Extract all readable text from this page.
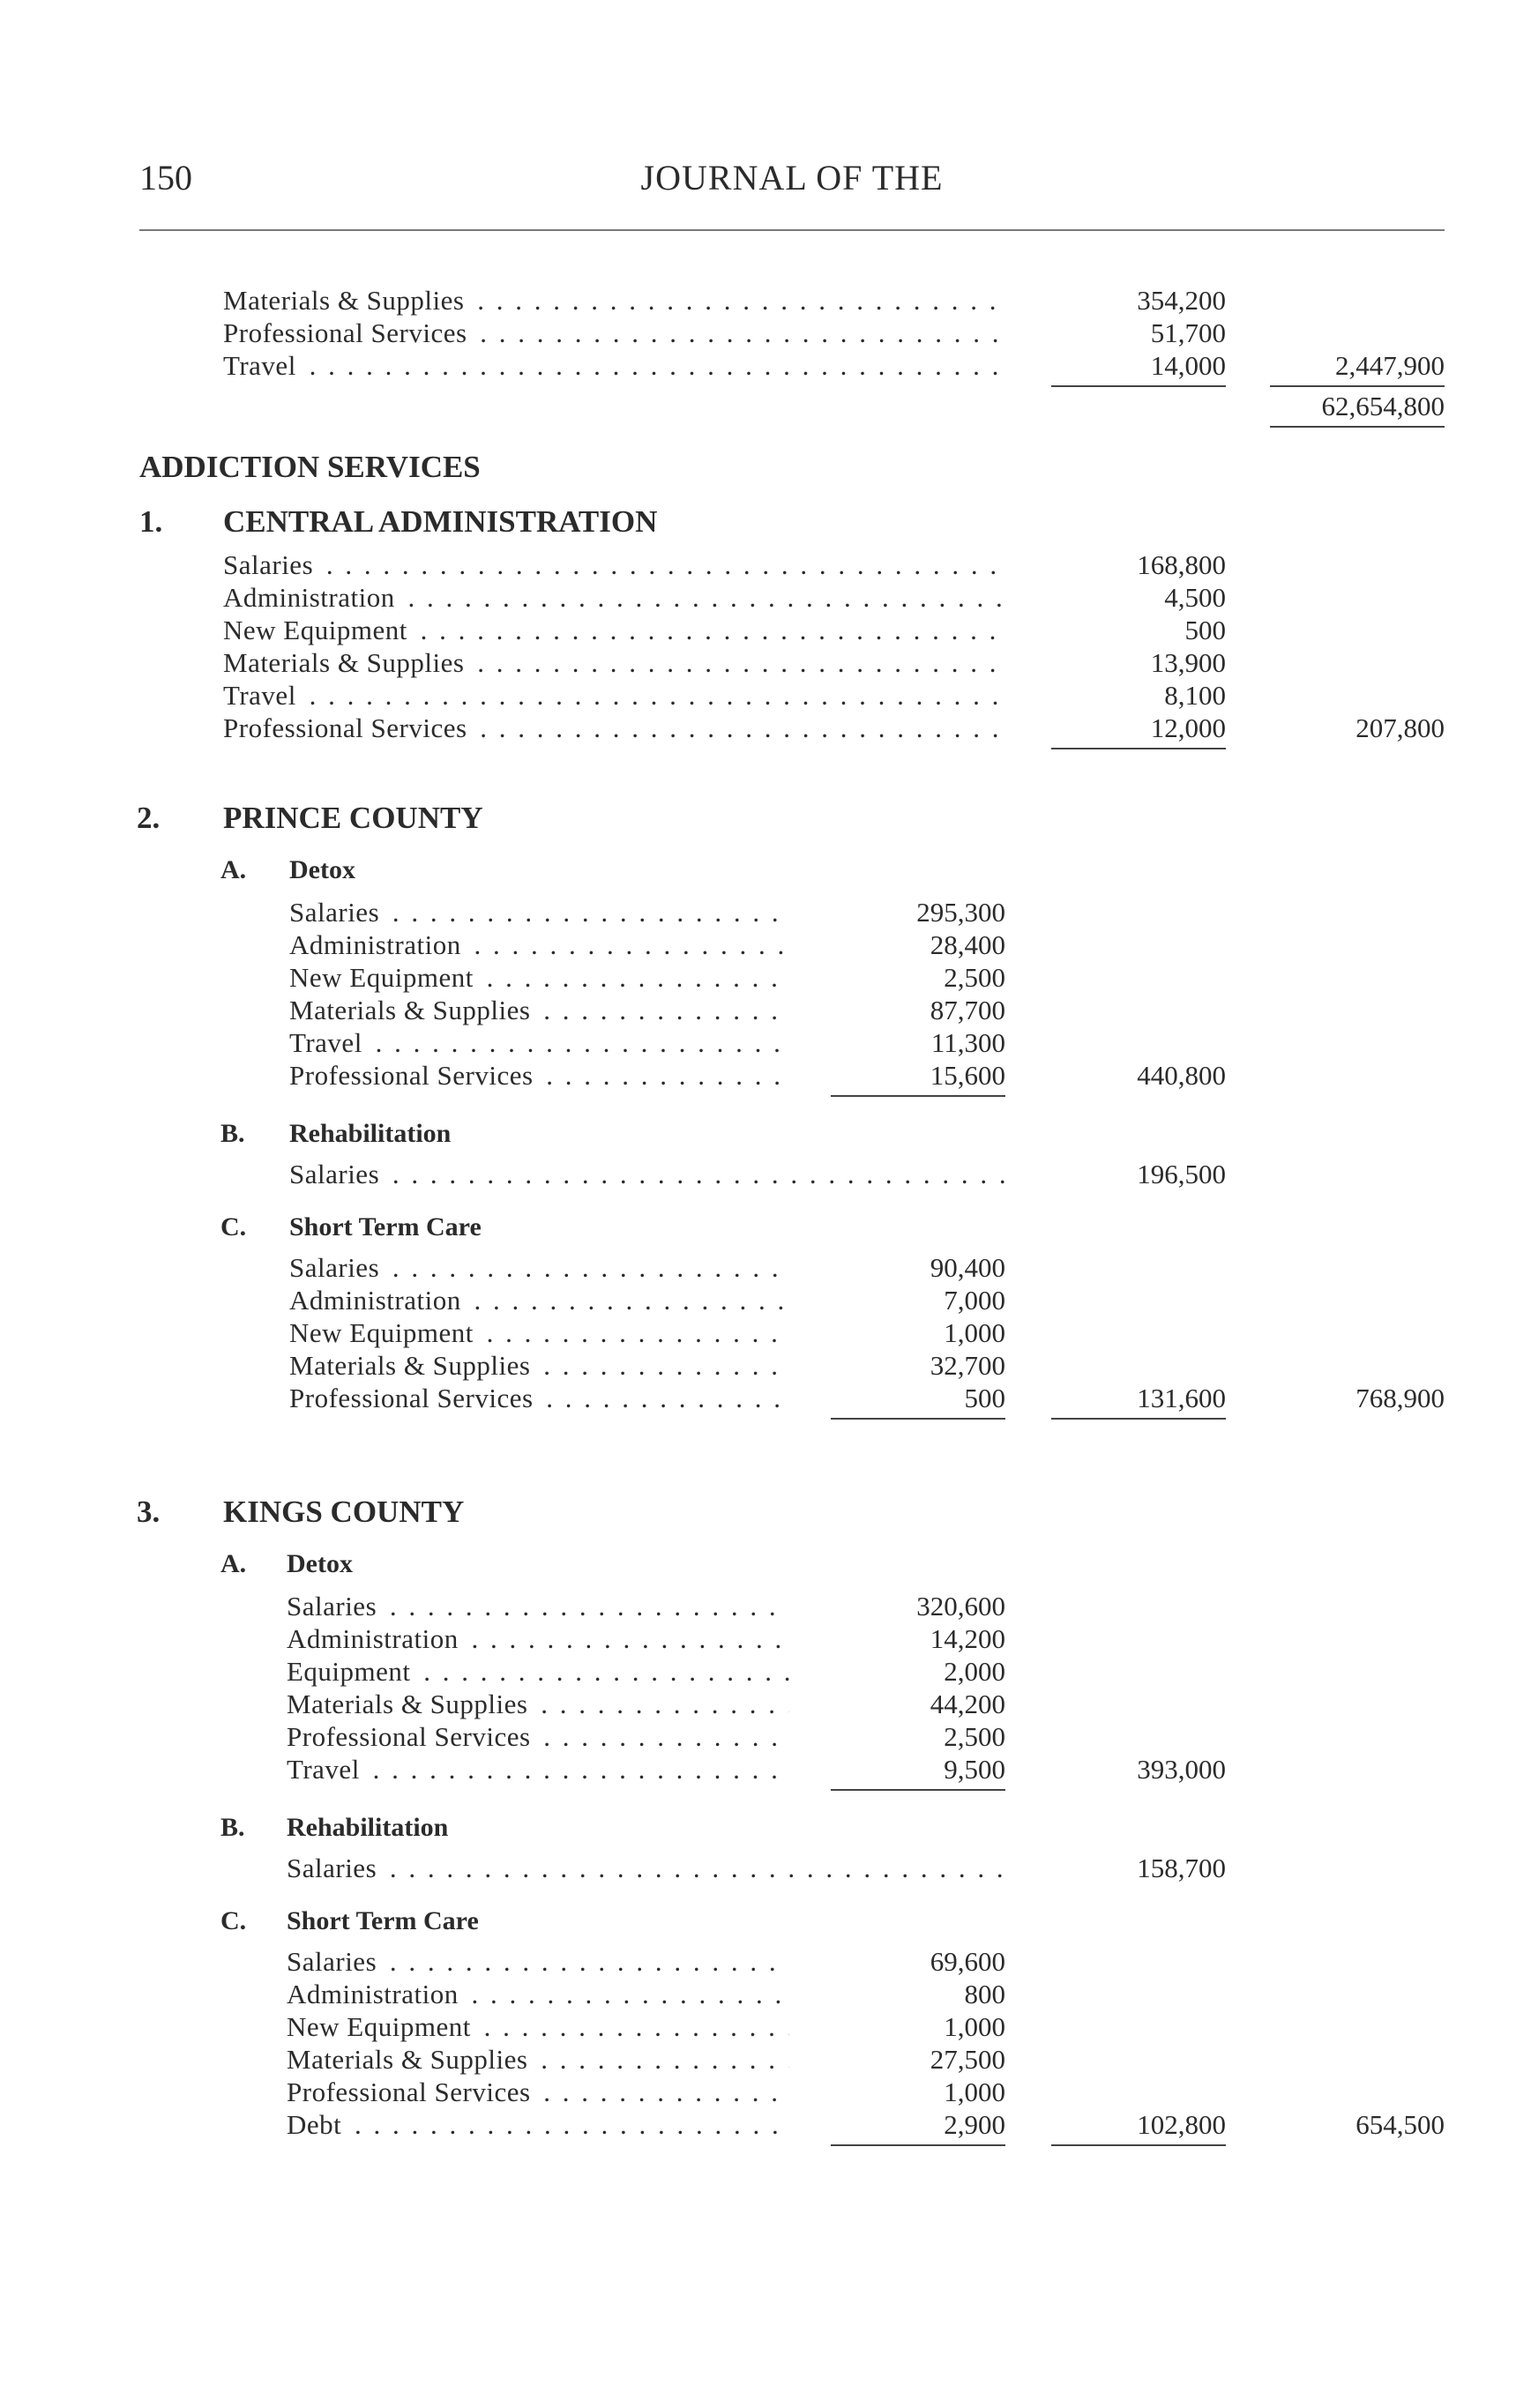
JOURNAL OF THE
150
Materials & Supplies . . .	354,200
Professional Services . . .	51,700
Travel . . .	14,000	2,447,900
62,654,800
ADDICTION SERVICES
1. CENTRAL ADMINISTRATION
Salaries . . .	168,800
Administration . . .	4,500
New Equipment . . .	500
Materials & Supplies . . .	13,900
Travel . . .	8,100
Professional Services . . .	12,000	207,800
2. PRINCE COUNTY
A. Detox
Salaries . . .	295,300
Administration . . .	28,400
New Equipment . . .	2,500
Materials & Supplies . . .	87,700
Travel . . .	11,300
Professional Services . . .	15,600	440,800
B. Rehabilitation
Salaries . . .	196,500
C. Short Term Care
Salaries . . .	90,400
Administration . . .	7,000
New Equipment . . .	1,000
Materials & Supplies . . .	32,700
Professional Services . . .	500	131,600	768,900
3. KINGS COUNTY
A. Detox
Salaries . . .	320,600
Administration . . .	14,200
Equipment . . .	2,000
Materials & Supplies . . .	44,200
Professional Services . . .	2,500
Travel . . .	9,500	393,000
B. Rehabilitation
Salaries . . .	158,700
C. Short Term Care
Salaries . . .	69,600
Administration . . .	800
New Equipment . . .	1,000
Materials & Supplies . . .	27,500
Professional Services . . .	1,000
Debt . . .	2,900	102,800	654,500
